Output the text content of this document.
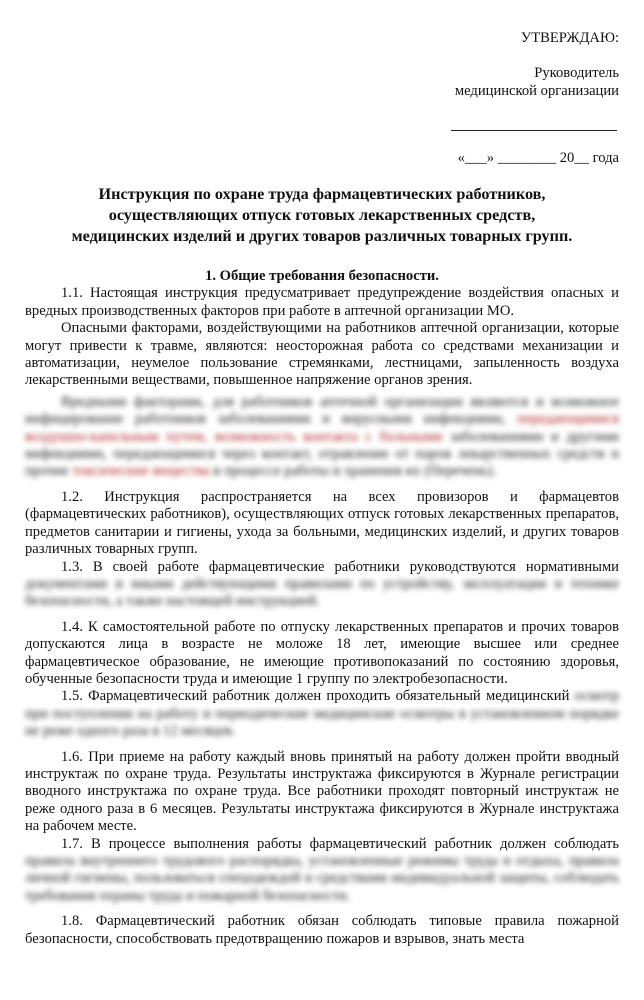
УТВЕРЖДАЮ:
Руководитель
медицинской организации
«___» ________ 20__ года
Инструкция по охране труда фармацевтических работников,
осуществляющих отпуск готовых лекарственных средств,
медицинских изделий и других товаров различных товарных групп.
1. Общие требования безопасности.

1.1. Настоящая инструкция предусматривает предупреждение воздействия опасных и вредных производственных факторов при работе в аптечной организации МО.

Опасными факторами, воздействующими на работников аптечной организации, которые могут привести к травме, являются: неосторожная работа со средствами механизации и автоматизации, неумелое пользование стремянками, лестницами, запыленность воздуха лекарственными веществами, повышенное напряжение органов зрения.

Вредными факторами, для работников аптечной организации являются и возможное инфицирование работников заболеваниями и вирусными инфекциями, передающимися воздушно-капельным путем, возможность контакта с больными заболеваниями и другими инфекциями, передающимися через контакт, отравление от паров лекарственных средств и прочие токсические вещества в процессе работы и хранения их (Перечень).

1.2. Инструкция распространяется на всех провизоров и фармацевтов (фармацевтических работников), осуществляющих отпуск готовых лекарственных препаратов, предметов санитарии и гигиены, ухода за больными, медицинских изделий, и других товаров различных товарных групп.

1.3. В своей работе фармацевтические работники руководствуются нормативными документами и иными действующими правилами по устройству, эксплуатации и технике безопасности, а также настоящей инструкцией.

1.4. К самостоятельной работе по отпуску лекарственных препаратов и прочих товаров допускаются лица в возрасте не моложе 18 лет, имеющие высшее или среднее фармацевтическое образование, не имеющие противопоказаний по состоянию здоровья, обученные безопасности труда и имеющие 1 группу по электробезопасности.

1.5. Фармацевтический работник должен проходить обязательный медицинский осмотр при поступлении на работу и периодические медицинские осмотры в установленном порядке не реже одного раза в 12 месяцев.

1.6. При приеме на работу каждый вновь принятый на работу должен пройти вводный инструктаж по охране труда. Результаты инструктажа фиксируются в Журнале регистрации вводного инструктажа по охране труда. Все работники проходят повторный инструктаж не реже одного раза в 6 месяцев. Результаты инструктажа фиксируются в Журнале инструктажа на рабочем месте.

1.7. В процессе выполнения работы фармацевтический работник должен соблюдать правила внутреннего трудового распорядка, установленные режимы труда и отдыха, правила личной гигиены, пользоваться спецодеждой и средствами индивидуальной защиты, соблюдать требования охраны труда и пожарной безопасности.

1.8. Фармацевтический работник обязан соблюдать типовые правила пожарной безопасности, способствовать предотвращению пожаров и взрывов, знать места
